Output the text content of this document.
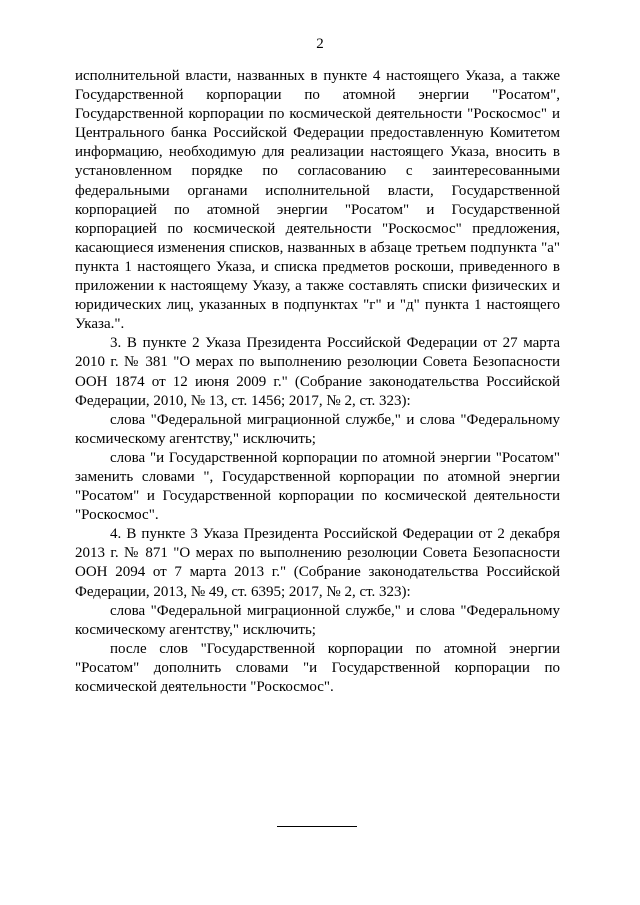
2

исполнительной власти, названных в пункте 4 настоящего Указа, а также Государственной корпорации по атомной энергии "Росатом", Государственной корпорации по космической деятельности "Роскосмос" и Центрального банка Российской Федерации предоставленную Комитетом информацию, необходимую для реализации настоящего Указа, вносить в установленном порядке по согласованию с заинтересованными федеральными органами исполнительной власти, Государственной корпорацией по атомной энергии "Росатом" и Государственной корпорацией по космической деятельности "Роскосмос" предложения, касающиеся изменения списков, названных в абзаце третьем подпункта "а" пункта 1 настоящего Указа, и списка предметов роскоши, приведенного в приложении к настоящему Указу, а также составлять списки физических и юридических лиц, указанных в подпунктах "г" и "д" пункта 1 настоящего Указа.".

3. В пункте 2 Указа Президента Российской Федерации от 27 марта 2010 г. № 381 "О мерах по выполнению резолюции Совета Безопасности ООН 1874 от 12 июня 2009 г." (Собрание законодательства Российской Федерации, 2010, № 13, ст. 1456; 2017, № 2, ст. 323):

слова "Федеральной миграционной службе," и слова "Федеральному космическому агентству," исключить;

слова "и Государственной корпорации по атомной энергии "Росатом" заменить словами ", Государственной корпорации по атомной энергии "Росатом" и Государственной корпорации по космической деятельности "Роскосмос".

4. В пункте 3 Указа Президента Российской Федерации от 2 декабря 2013 г. № 871 "О мерах по выполнению резолюции Совета Безопасности ООН 2094 от 7 марта 2013 г." (Собрание законодательства Российской Федерации, 2013, № 49, ст. 6395; 2017, № 2, ст. 323):

слова "Федеральной миграционной службе," и слова "Федеральному космическому агентству," исключить;

после слов "Государственной корпорации по атомной энергии "Росатом" дополнить словами "и Государственной корпорации по космической деятельности "Роскосмос".
